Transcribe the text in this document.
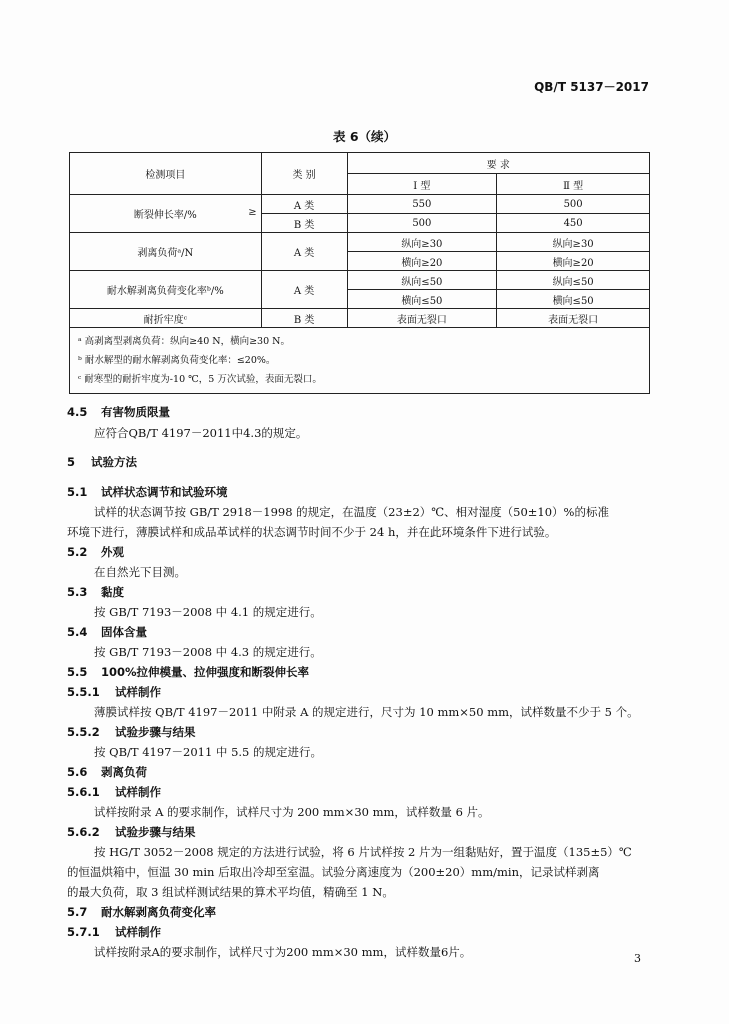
QB/T 5137－2017
表 6（续）
检测项目	类 别	要 求	
		Ⅰ 型	Ⅱ 型
断裂伸长率/% ≥	A 类	550	500
	B 类	500	450
剥离负荷ᵃ/N	A 类	纵向≥30	纵向≥30
		横向≥20	横向≥20
耐水解剥离负荷变化率ᵇ/%	A 类	纵向≤50	纵向≤50
		横向≤50	横向≤50
耐折牢度ᶜ	B 类	表面无裂口	表面无裂口

ᵃ 高剥离型剥离负荷：纵向≥40 N，横向≥30 N。
ᵇ 耐水解型的耐水解剥离负荷变化率：≤20%。
ᶜ 耐寒型的耐折牢度为-10 ℃，5 万次试验，表面无裂口。			
4.5 有害物质限量
应符合QB/T 4197－2011中4.3的规定。
5 试验方法
5.1 试样状态调节和试验环境
试样的状态调节按 GB/T 2918－1998 的规定，在温度（23±2）℃、相对湿度（50±10）%的标准
环境下进行，薄膜试样和成品革试样的状态调节时间不少于 24 h，并在此环境条件下进行试验。
5.2 外观
在自然光下目测。
5.3 黏度
按 GB/T 7193－2008 中 4.1 的规定进行。
5.4 固体含量
按 GB/T 7193－2008 中 4.3 的规定进行。
5.5 100%拉伸模量、拉伸强度和断裂伸长率
5.5.1 试样制作
薄膜试样按 QB/T 4197－2011 中附录 A 的规定进行，尺寸为 10 mm×50 mm，试样数量不少于 5 个。
5.5.2 试验步骤与结果
按 QB/T 4197－2011 中 5.5 的规定进行。
5.6 剥离负荷
5.6.1 试样制作
试样按附录 A 的要求制作，试样尺寸为 200 mm×30 mm，试样数量 6 片。
5.6.2 试验步骤与结果
按 HG/T 3052－2008 规定的方法进行试验，将 6 片试样按 2 片为一组黏贴好，置于温度（135±5）℃
的恒温烘箱中，恒温 30 min 后取出冷却至室温。试验分离速度为（200±20）mm/min，记录试样剥离
的最大负荷，取 3 组试样测试结果的算术平均值，精确至 1 N。
5.7 耐水解剥离负荷变化率
5.7.1 试样制作
试样按附录A的要求制作，试样尺寸为200 mm×30 mm，试样数量6片。	3
